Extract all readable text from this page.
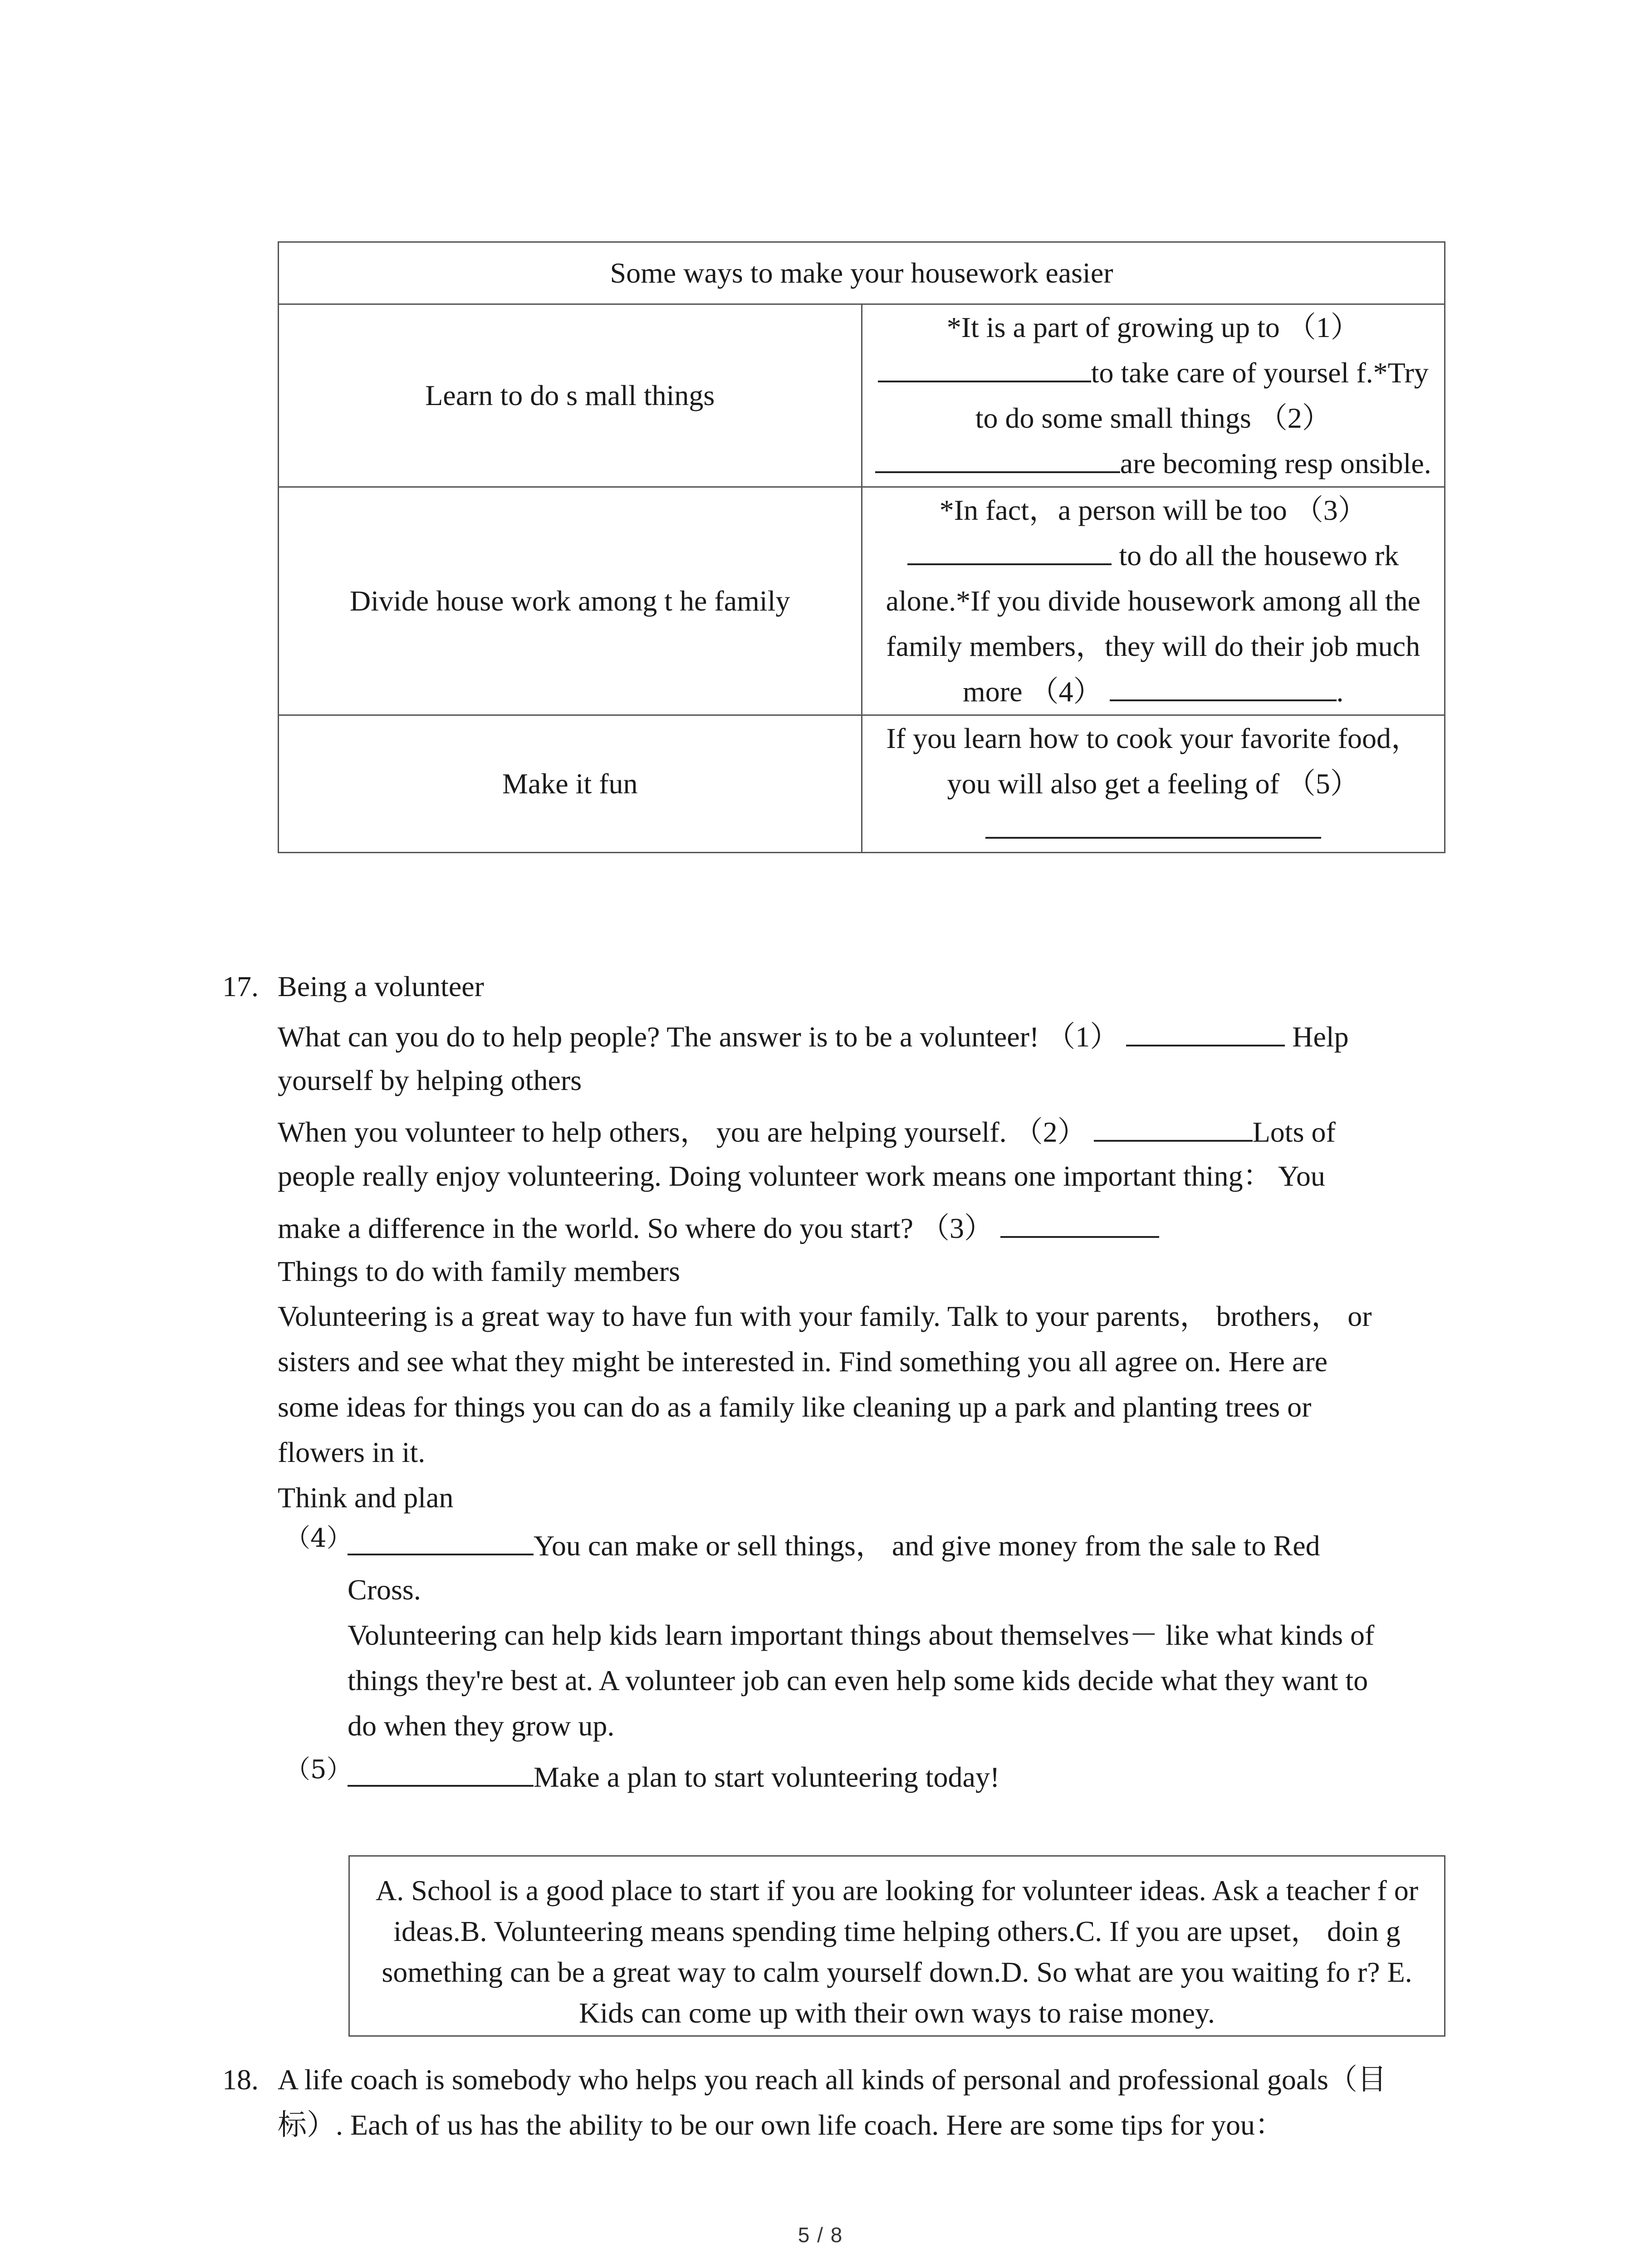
Some ways to make your housework easier	
Learn to do s mall things	*It is a part of growing up to （1） to take care of yoursel f.*Try to do some small things （2） are becoming resp onsible.
Divide house work among t he family	*In fact，a person will be too （3）  to do all the housewo rk alone.*If you divide housework among all the family members，they will do their job much more （4） .
Make it fun	If you learn how to cook your favorite food，you will also get a feeling of （5）
17. Being a volunteer
What can you do to help people? The answer is to be a volunteer! （1）	Help
yourself by helping others
When you volunteer to help others， you are helping yourself. （2）	Lots of
people really enjoy volunteering. Doing volunteer work means one important thing： You
make a difference in the world. So where do you start? （3）
Things to do with family members
Volunteering is a great way to have fun with your family. Talk to your parents， brothers， or
sisters and see what they might be interested in. Find something you all agree on. Here are
some ideas for things you can do as a family like cleaning up a park and planting trees or
flowers in it.
Think and plan
（4）	You can make or sell things， and give money from the sale to Red
Cross.
Volunteering can help kids learn important things about themselves－ like what kinds of
things they're best at. A volunteer job can even help some kids decide what they want to
do when they grow up.
（5）	Make a plan to start volunteering today!
A. School is a good place to start if you are looking for volunteer ideas. Ask a teacher f or ideas.B. Volunteering means spending time helping others.C. If you are upset， doin g something can be a great way to calm yourself down.D. So what are you waiting fo r? E. Kids can come up with their own ways to raise money.
18. A life coach is somebody who helps you reach all kinds of personal and professional goals（目
标）. Each of us has the ability to be our own life coach. Here are some tips for you：
5 / 8
